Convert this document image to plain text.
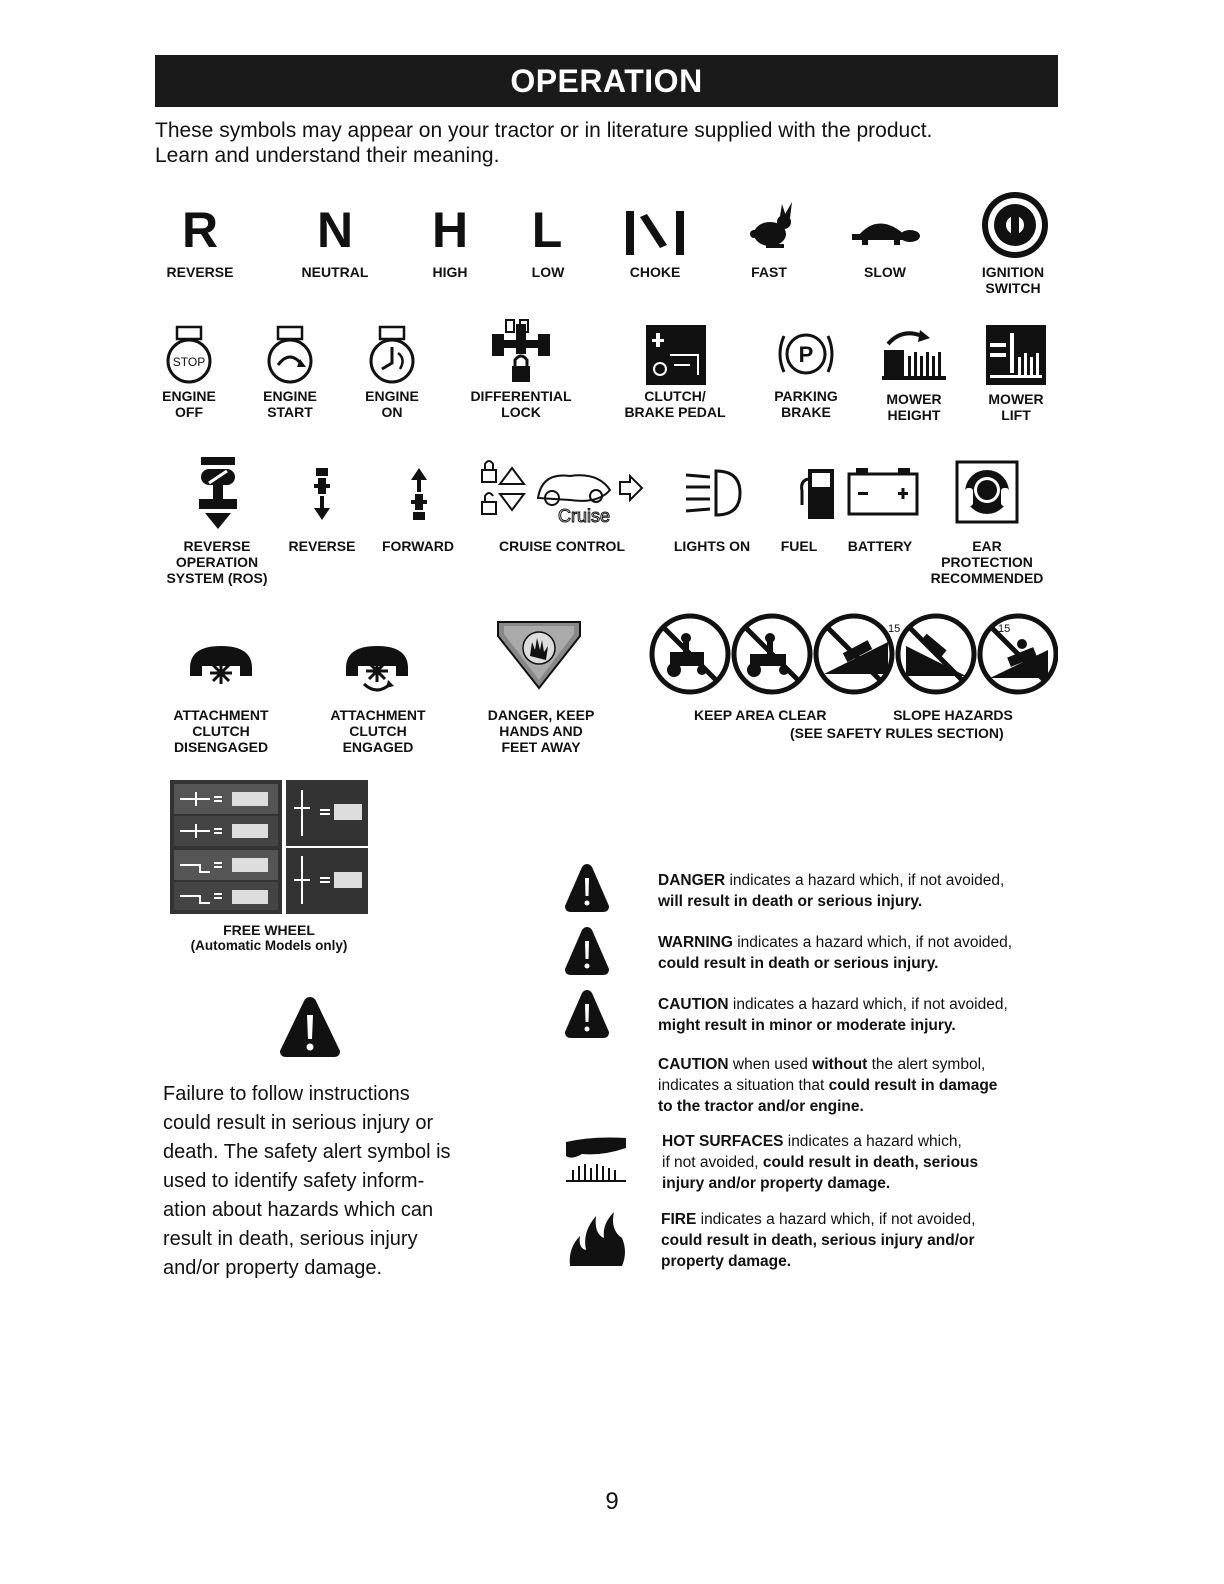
OPERATION
These symbols may appear on your tractor or in literature supplied with the product.
Learn and understand their meaning.
R
REVERSE
N
NEUTRAL
H
HIGH
L
LOW	CHOKE	FAST	SLOW	IGNITION
SWITCH
STOP
ENGINE
OFF
ENGINE
START
ENGINE
ON
DIFFERENTIAL
LOCK
CLUTCH/
BRAKE PEDAL
P
PARKING
BRAKE
MOWER
HEIGHT
MOWER
LIFT
REVERSE
OPERATION
SYSTEM (ROS)
REVERSE	FORWARD
Cruise
CRUISE CONTROL	LIGHTS ON	FUEL	BATTERY	EAR
PROTECTION
RECOMMENDED
ATTACHMENT
CLUTCH
DISENGAGED
ATTACHMENT
CLUTCH
ENGAGED
DANGER, KEEP
HANDS AND
FEET AWAY
15
15
KEEP AREA CLEAR	SLOPE HAZARDS
(SEE SAFETY RULES SECTION)
FREE WHEEL
(Automatic Models only)
Failure to follow instructions could result in serious injury or death. The safety alert symbol is used to identify safety inform-ation about hazards which can result in death, serious injury and/or property damage.
DANGER indicates a hazard which, if not avoided,
will result in death or serious injury.
WARNING indicates a hazard which, if not avoided,
could result in death or serious injury.
CAUTION indicates a hazard which, if not avoided,
might result in minor or moderate injury.
CAUTION when used without the alert symbol,
indicates a situation that could result in damage
to the tractor and/or engine.
HOT SURFACES indicates a hazard which,
if not avoided, could result in death, serious
injury and/or property damage.
FIRE indicates a hazard which, if not avoided,
could result in death, serious injury and/or
property damage.
9
